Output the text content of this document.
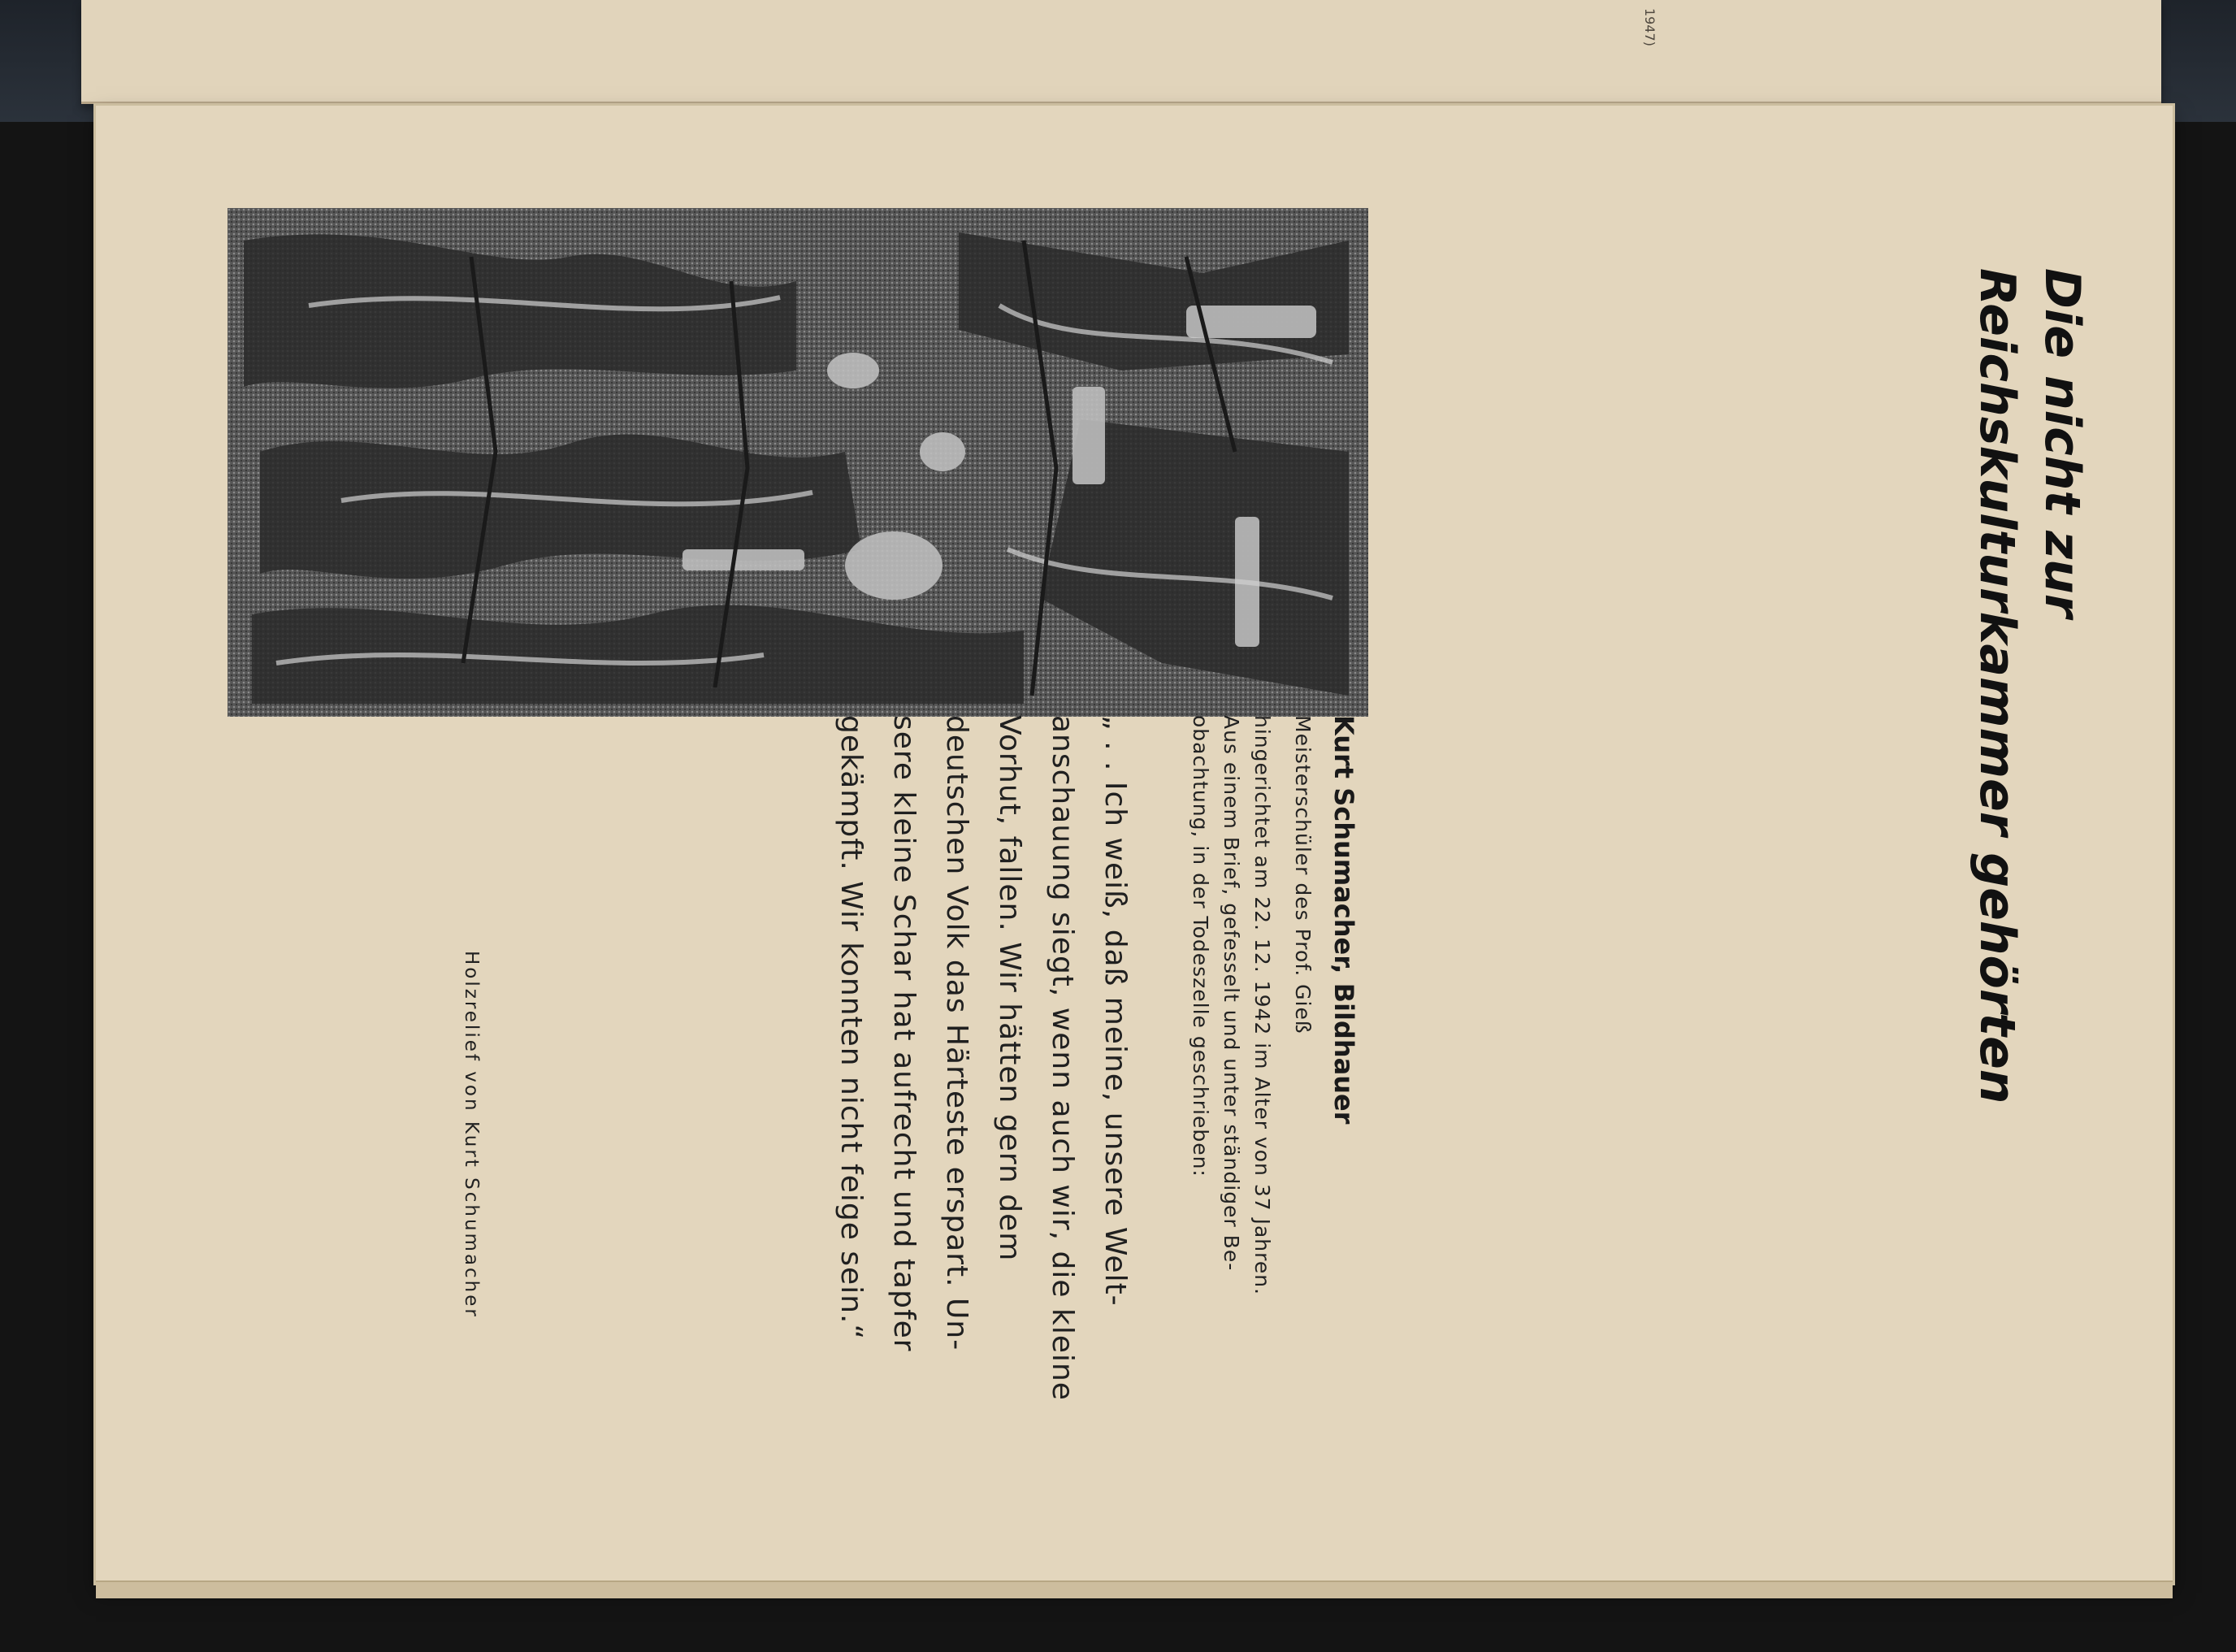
1947)
Die nicht zur
Reichskulturkammer gehörten
Kurt Schumacher, Bildhauer
Meisterschüler des Prof. Gieß
hingerichtet am 22. 12. 1942 im Alter von 37 Jahren.
Aus einem Brief, gefesselt und unter ständiger Be-
obachtung, in der Todeszelle geschrieben:
„ . . Ich weiß, daß meine, unsere Welt-
anschauung siegt, wenn auch wir, die kleine
Vorhut, fallen. Wir hätten gern dem
deutschen Volk das Härteste erspart. Un-
sere kleine Schar hat aufrecht und tapfer
gekämpft. Wir konnten nicht feige sein.“
Holzrelief von Kurt Schumacher
